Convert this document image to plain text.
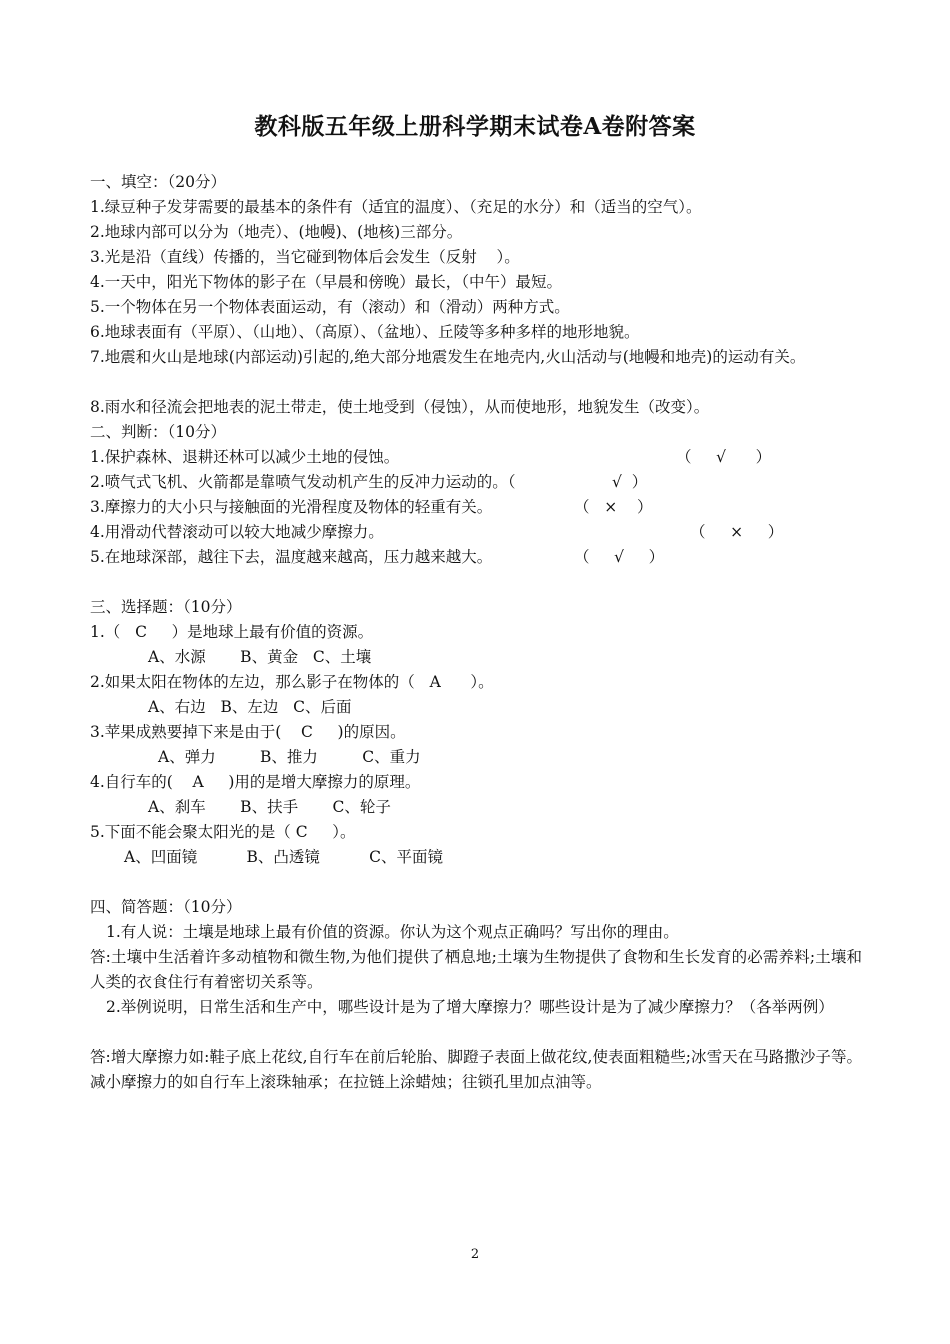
教科版五年级上册科学期末试卷A卷附答案
一、填空：（20分）
1.绿豆种子发芽需要的最基本的条件有（适宜的温度）、（充足的水分）和（适当的空气）。
2.地球内部可以分为（地壳）、(地幔)、(地核)三部分。
3.光是沿（直线）传播的，当它碰到物体后会发生（反射    ）。
4.一天中，阳光下物体的影子在（早晨和傍晚）最长，（中午）最短。
5.一个物体在另一个物体表面运动，有（滚动）和（滑动）两种方式。
6.地球表面有（平原）、（山地）、（高原）、（盆地）、丘陵等多种多样的地形地貌。
7.地震和火山是地球(内部运动)引起的,绝大部分地震发生在地壳内,火山活动与(地幔和地壳)的运动有关。
8.雨水和径流会把地表的泥土带走，使土地受到（侵蚀），从而使地形，地貌发生（改变）。
二、判断：（10分）
1.保护森林、退耕还林可以减少土地的侵蚀。	（     √      ）
2.喷气式飞机、火箭都是靠喷气发动机产生的反冲力运动的。（	√  ）
3.摩擦力的大小只与接触面的光滑程度及物体的轻重有关。	（   ×    ）
4.用滑动代替滚动可以较大地减少摩擦力。	（     ×     ）
5.在地球深部，越往下去，温度越来越高，压力越来越大。	（     √     ）
三、选择题：（10分）
1.（   C     ）是地球上最有价值的资源。
A、水源       B、黄金   C、土壤
2.如果太阳在物体的左边，那么影子在物体的（   A      ）。
A、右边   B、左边   C、后面
3.苹果成熟要掉下来是由于(    C     )的原因。
A、弹力         B、推力         C、重力
4.自行车的(    A     )用的是增大摩擦力的原理。
A、刹车       B、扶手       C、轮子
5.下面不能会聚太阳光的是（ C     ）。
A、凹面镜          B、凸透镜          C、平面镜
四、简答题：（10分）
1.有人说：土壤是地球上最有价值的资源。你认为这个观点正确吗？写出你的理由。
答:土壤中生活着许多动植物和微生物,为他们提供了栖息地;土壤为生物提供了食物和生长发育的必需养料;土壤和人类的衣食住行有着密切关系等。
2.举例说明，日常生活和生产中，哪些设计是为了增大摩擦力？哪些设计是为了减少摩擦力？（各举两例）
答:增大摩擦力如:鞋子底上花纹,自行车在前后轮胎、脚蹬子表面上做花纹,使表面粗糙些;冰雪天在马路撒沙子等。减小摩擦力的如自行车上滚珠轴承；在拉链上涂蜡烛；往锁孔里加点油等。
2
